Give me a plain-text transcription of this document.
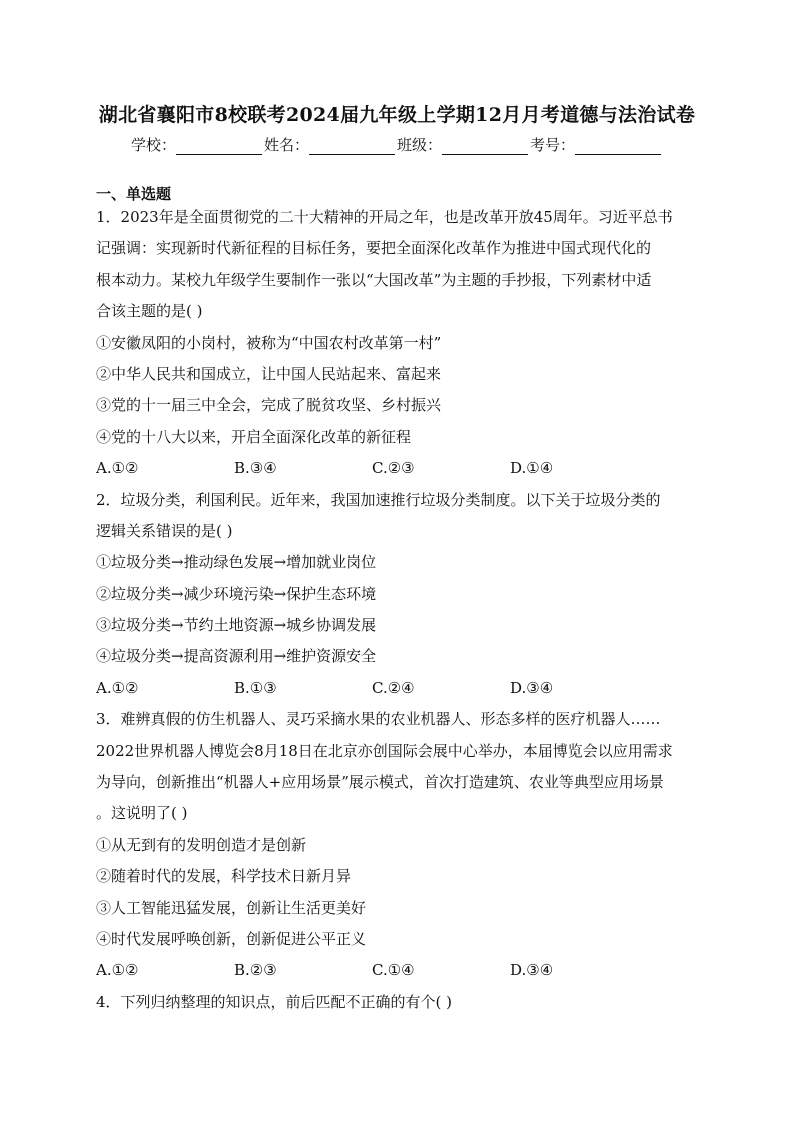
湖北省襄阳市8校联考2024届九年级上学期12月月考道德与法治试卷
学校：	姓名：	班级：	考号：
一、单选题
1．2023年是全面贯彻党的二十大精神的开局之年，也是改革开放45周年。习近平总书
记强调：实现新时代新征程的目标任务，要把全面深化改革作为推进中国式现代化的
根本动力。某校九年级学生要制作一张以“大国改革”为主题的手抄报，下列素材中适
合该主题的是( )
①安徽凤阳的小岗村，被称为“中国农村改革第一村”
②中华人民共和国成立，让中国人民站起来、富起来
③党的十一届三中全会，完成了脱贫攻坚、乡村振兴
④党的十八大以来，开启全面深化改革的新征程
A.①②	B.③④	C.②③	D.①④
2．垃圾分类，利国利民。近年来，我国加速推行垃圾分类制度。以下关于垃圾分类的
逻辑关系错误的是( )
①垃圾分类→推动绿色发展→增加就业岗位
②垃圾分类→减少环境污染→保护生态环境
③垃圾分类→节约土地资源→城乡协调发展
④垃圾分类→提高资源利用→维护资源安全
A.①②	B.①③	C.②④	D.③④
3．难辨真假的仿生机器人、灵巧采摘水果的农业机器人、形态多样的医疗机器人……
2022世界机器人博览会8月18日在北京亦创国际会展中心举办，本届博览会以应用需求
为导向，创新推出“机器人+应用场景”展示模式，首次打造建筑、农业等典型应用场景
。这说明了( )
①从无到有的发明创造才是创新
②随着时代的发展，科学技术日新月异
③人工智能迅猛发展，创新让生活更美好
④时代发展呼唤创新，创新促进公平正义
A.①②	B.②③	C.①④	D.③④
4．下列归纳整理的知识点，前后匹配不正确的有个( )
